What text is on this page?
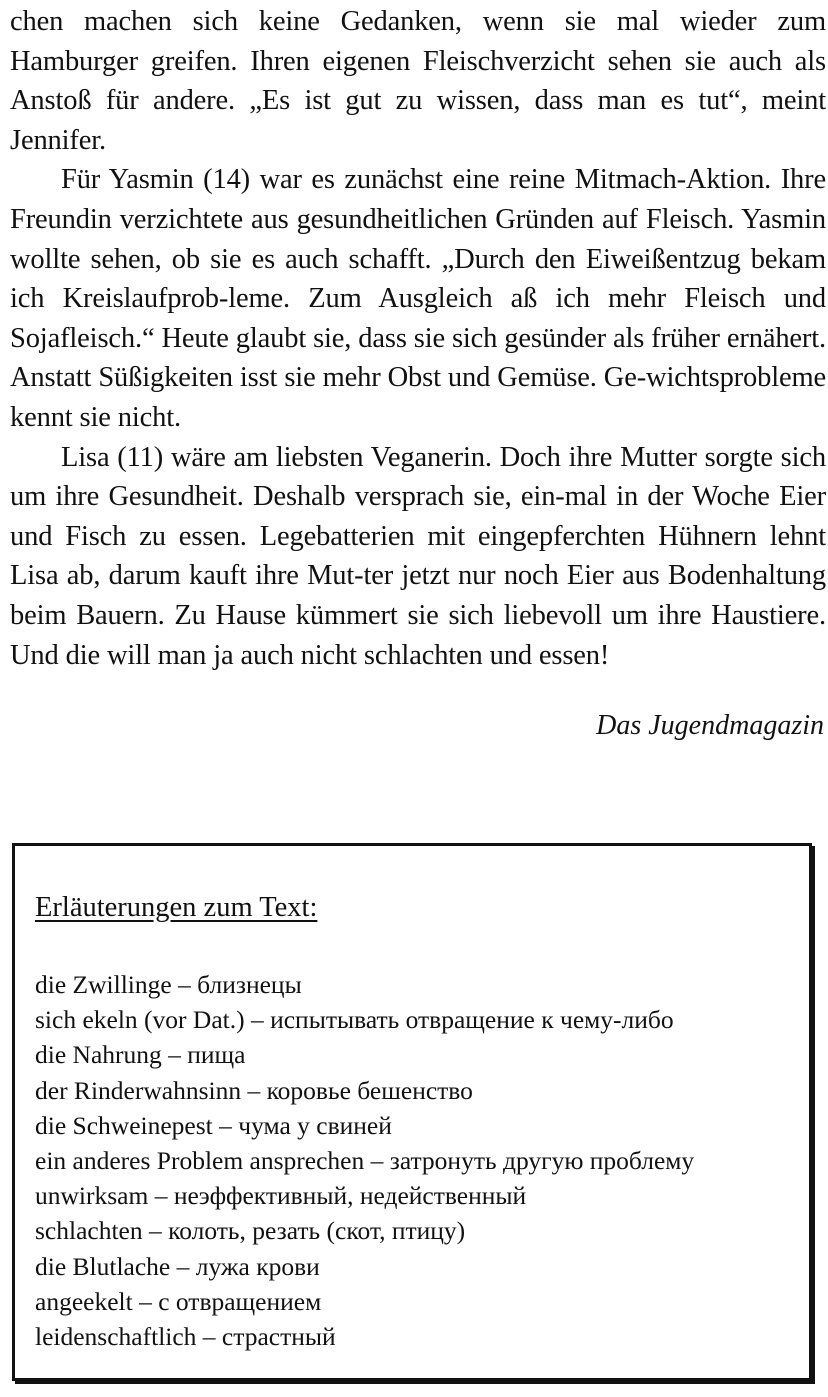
chen machen sich keine Gedanken, wenn sie mal wieder zum Hamburger greifen. Ihren eigenen Fleischverzicht sehen sie auch als Anstoß für andere. „Es ist gut zu wissen, dass man es tut“, meint Jennifer.

Für Yasmin (14) war es zunächst eine reine Mitmach-Aktion. Ihre Freundin verzichtete aus gesundheitlichen Gründen auf Fleisch. Yasmin wollte sehen, ob sie es auch schafft. „Durch den Eiweißentzug bekam ich Kreislaufprob-leme. Zum Ausgleich aß ich mehr Fleisch und Sojafleisch.“ Heute glaubt sie, dass sie sich gesünder als früher ernähert. Anstatt Süßigkeiten isst sie mehr Obst und Gemüse. Ge-wichtsprobleme kennt sie nicht.

Lisa (11) wäre am liebsten Veganerin. Doch ihre Mutter sorgte sich um ihre Gesundheit. Deshalb versprach sie, ein-mal in der Woche Eier und Fisch zu essen. Legebatterien mit eingepferchten Hühnern lehnt Lisa ab, darum kauft ihre Mut-ter jetzt nur noch Eier aus Bodenhaltung beim Bauern. Zu Hause kümmert sie sich liebevoll um ihre Haustiere. Und die will man ja auch nicht schlachten und essen!

Das Jugendmagazin
Erläuterungen zum Text:
die Zwillinge – близнецы
sich ekeln (vor Dat.) – испытывать отвращение к чему-либо
die Nahrung – пища
der Rinderwahnsinn – коровье бешенство
die Schweinepest – чума у свиней
ein anderes Problem ansprechen – затронуть другую проблему
unwirksam – неэффективный, недейственный
schlachten – колоть, резать (скот, птицу)
die Blutlache – лужа крови
angeekelt – с отвращением
leidenschaftlich – страстный
